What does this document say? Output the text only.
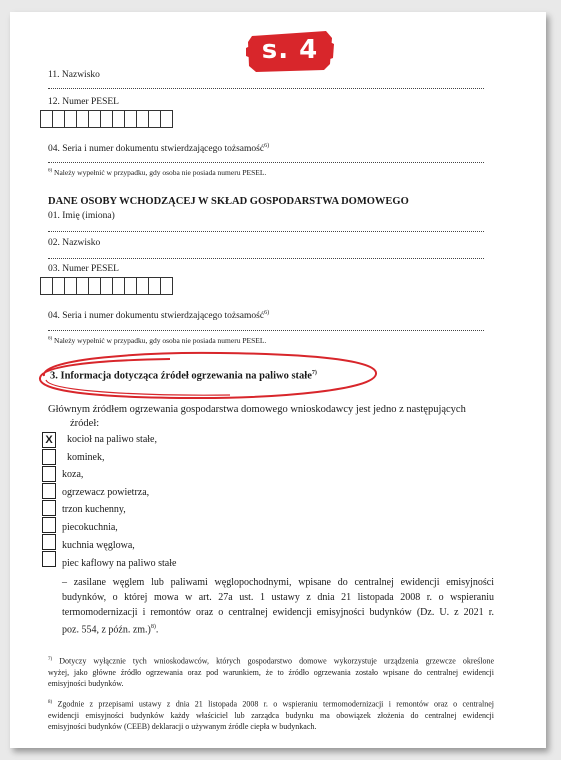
s. 4
11. Nazwisko
12. Numer PESEL
04. Seria i numer dokumentu stwierdzającego tożsamość$^{6)}$
$^{6)}$ Należy wypełnić w przypadku, gdy osoba nie posiada numeru PESEL.
DANE OSOBY WCHODZĄCEJ W SKŁAD GOSPODARSTWA DOMOWEGO
01. Imię (imiona)
02. Nazwisko
03. Numer PESEL
04. Seria i numer dokumentu stwierdzającego tożsamość$^{6)}$
$^{6)}$ Należy wypełnić w przypadku, gdy osoba nie posiada numeru PESEL.
3. Informacja dotycząca źródeł ogrzewania na paliwo stałe$^{7)}$
Głównym źródłem ogrzewania gospodarstwa domowego wnioskodawcy jest jedno z następujących
źródeł:
X	kocioł na paliwo stałe,
kominek,
koza,
ogrzewacz powietrza,
trzon kuchenny,
piecokuchnia,
kuchnia węglowa,
piec kaflowy na paliwo stałe
– zasilane węglem lub paliwami węglopochodnymi, wpisane do centralnej ewidencji emisyjności
budynków, o której mowa w art. 27a ust. 1 ustawy z dnia 21 listopada 2008 r. o wspieraniu
termomodernizacji i remontów oraz o centralnej ewidencji emisyjności budynków (Dz. U. z 2021 r.
poz. 554, z późn. zm.)$^{8)}$.
$^{7)}$ Dotyczy wyłącznie tych wnioskodawców, których gospodarstwo domowe wykorzystuje urządzenia grzewcze określone
wyżej, jako główne źródło ogrzewania oraz pod warunkiem, że to źródło ogrzewania zostało wpisane do centralnej ewidencji
emisyjności budynków.
$^{8)}$ Zgodnie z przepisami ustawy z dnia 21 listopada 2008 r. o wspieraniu termomodernizacji i remontów oraz o centralnej
ewidencji emisyjności budynków każdy właściciel lub zarządca budynku ma obowiązek złożenia do centralnej ewidencji
emisyjności budynków (CEEB) deklaracji o używanym źródle ciepła w budynkach.
